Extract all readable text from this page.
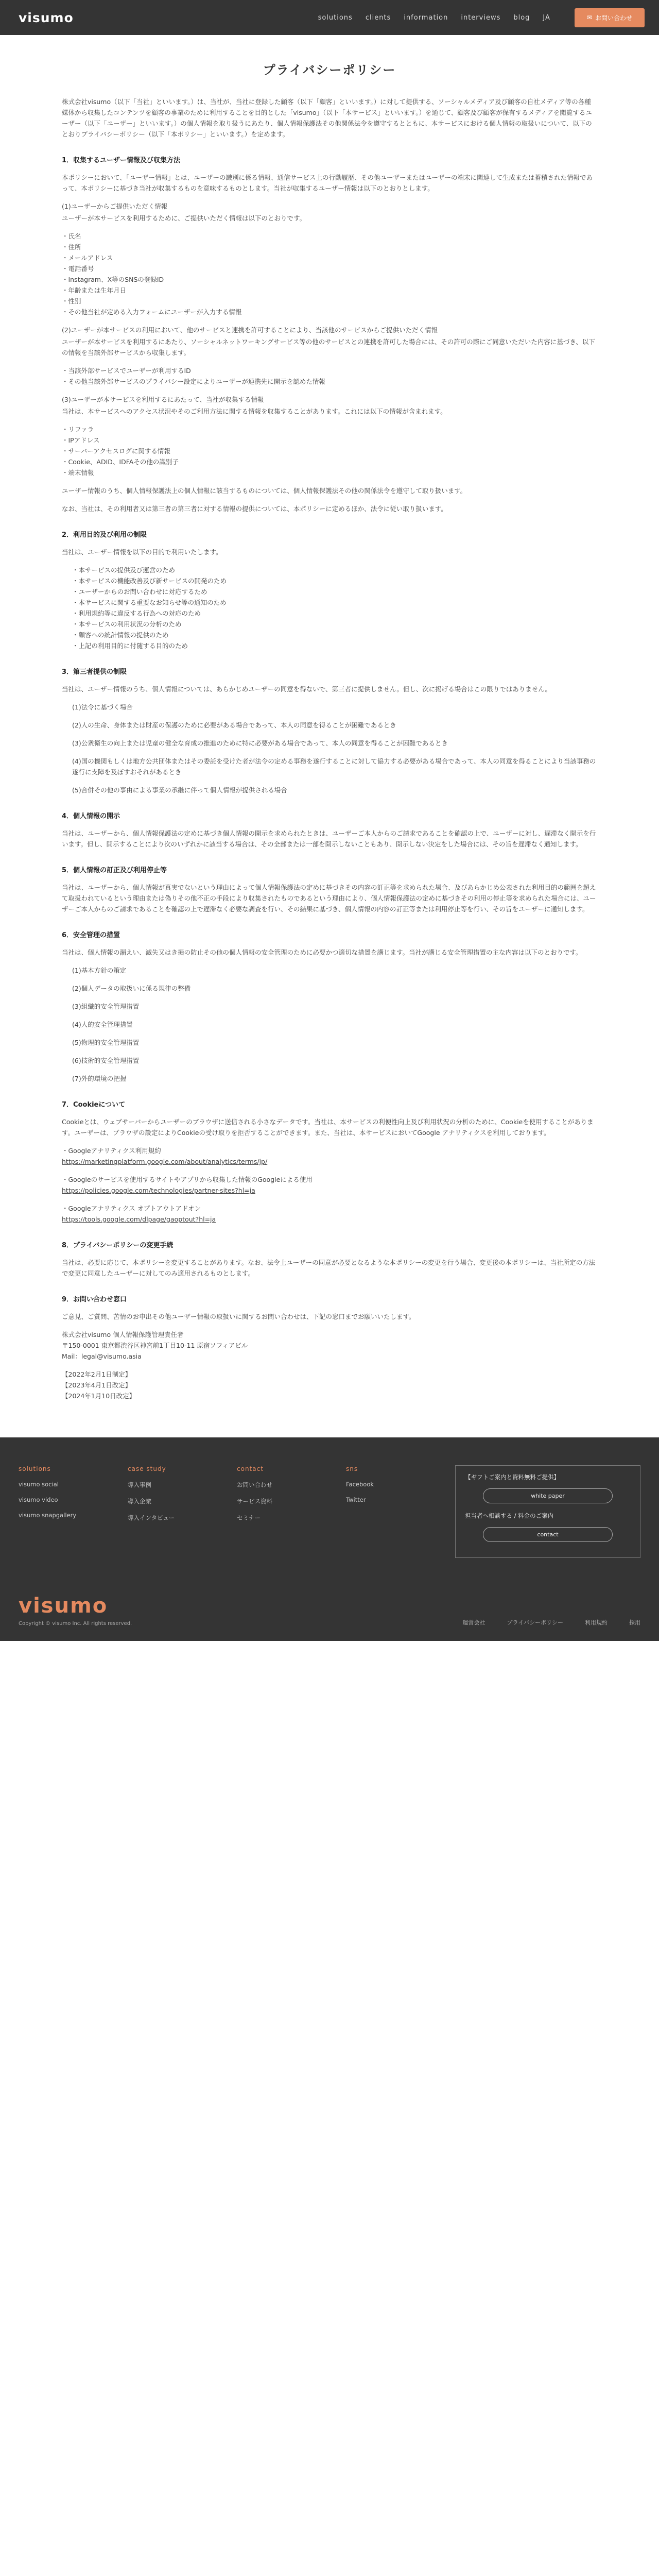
visumo	solutions clients information interviews blog JA	✉ お問い合わせ
プライバシーポリシー

株式会社visumo（以下「当社」といいます。）は、当社が、当社に登録した顧客（以下「顧客」といいます。）に対して提供する、ソーシャルメディア及び顧客の自社メディア等の各種媒体から収集したコンテンツを顧客の事業のために利用することを目的とした「visumo」（以下「本サービス」といいます。）を通じて、顧客及び顧客が保有するメディアを閲覧するユーザー（以下「ユーザー」といいます。）の個人情報を取り扱うにあたり、個人情報保護法その他関係法令を遵守するとともに、本サービスにおける個人情報の取扱いについて、以下のとおりプライバシーポリシー（以下「本ポリシー」といいます。）を定めます。

1．収集するユーザー情報及び収集方法

本ポリシーにおいて、「ユーザー情報」とは、ユーザーの識別に係る情報、通信サービス上の行動履歴、その他ユーザーまたはユーザーの端末に関連して生成または蓄積された情報であって、本ポリシーに基づき当社が収集するものを意味するものとします。当社が収集するユーザー情報は以下のとおりとします。

(1)ユーザーからご提供いただく情報

ユーザーが本サービスを利用するために、ご提供いただく情報は以下のとおりです。

・氏名
・住所
・メールアドレス
・電話番号
・Instagram、X等のSNSの登録ID
・年齢または生年月日
・性別
・その他当社が定める入力フォームにユーザーが入力する情報
(2)ユーザーが本サービスの利用において、他のサービスと連携を許可することにより、当該他のサービスからご提供いただく情報

ユーザーが本サービスを利用するにあたり、ソーシャルネットワーキングサービス等の他のサービスとの連携を許可した場合には、その許可の際にご同意いただいた内容に基づき、以下の情報を当該外部サービスから収集します。

・当該外部サービスでユーザーが利用するID
・その他当該外部サービスのプライバシー設定によりユーザーが連携先に開示を認めた情報
(3)ユーザーが本サービスを利用するにあたって、当社が収集する情報

当社は、本サービスへのアクセス状況やそのご利用方法に関する情報を収集することがあります。これには以下の情報が含まれます。

・リファラ
・IPアドレス
・サーバーアクセスログに関する情報
・Cookie、ADID、IDFAその他の識別子
・端末情報

ユーザー情報のうち、個人情報保護法上の個人情報に該当するものについては、個人情報保護法その他の関係法令を遵守して取り扱います。

なお、当社は、その利用者又は第三者の第三者に対する情報の提供については、本ポリシーに定めるほか、法令に従い取り扱います。

2．利用目的及び利用の制限

当社は、ユーザー情報を以下の目的で利用いたします。

・本サービスの提供及び運営のため
・本サービスの機能改善及び新サービスの開発のため
・ユーザーからのお問い合わせに対応するため
・本サービスに関する重要なお知らせ等の通知のため
・利用規約等に違反する行為への対応のため
・本サービスの利用状況の分析のため
・顧客への統計情報の提供のため
・上記の利用目的に付随する目的のため
3．第三者提供の制限

当社は、ユーザー情報のうち、個人情報については、あらかじめユーザーの同意を得ないで、第三者に提供しません。但し、次に掲げる場合はこの限りではありません。

(1)法令に基づく場合

(2)人の生命、身体または財産の保護のために必要がある場合であって、本人の同意を得ることが困難であるとき

(3)公衆衛生の向上または児童の健全な育成の推進のために特に必要がある場合であって、本人の同意を得ることが困難であるとき

(4)国の機関もしくは地方公共団体またはその委託を受けた者が法令の定める事務を遂行することに対して協力する必要がある場合であって、本人の同意を得ることにより当該事務の遂行に支障を及ぼすおそれがあるとき

(5)合併その他の事由による事業の承継に伴って個人情報が提供される場合

4．個人情報の開示

当社は、ユーザーから、個人情報保護法の定めに基づき個人情報の開示を求められたときは、ユーザーご本人からのご請求であることを確認の上で、ユーザーに対し、遅滞なく開示を行います。但し、開示することにより次のいずれかに該当する場合は、その全部または一部を開示しないこともあり、開示しない決定をした場合には、その旨を遅滞なく通知します。

5．個人情報の訂正及び利用停止等

当社は、ユーザーから、個人情報が真実でないという理由によって個人情報保護法の定めに基づきその内容の訂正等を求められた場合、及びあらかじめ公表された利用目的の範囲を超えて取扱われているという理由または偽りその他不正の手段により収集されたものであるという理由により、個人情報保護法の定めに基づきその利用の停止等を求められた場合には、ユーザーご本人からのご請求であることを確認の上で遅滞なく必要な調査を行い、その結果に基づき、個人情報の内容の訂正等または利用停止等を行い、その旨をユーザーに通知します。

6．安全管理の措置

当社は、個人情報の漏えい、滅失又はき損の防止その他の個人情報の安全管理のために必要かつ適切な措置を講じます。当社が講じる安全管理措置の主な内容は以下のとおりです。

(1)基本方針の策定

(2)個人データの取扱いに係る規律の整備

(3)組織的安全管理措置

(4)人的安全管理措置

(5)物理的安全管理措置

(6)技術的安全管理措置

(7)外的環境の把握

7．Cookieについて

Cookieとは、ウェブサーバーからユーザーのブラウザに送信される小さなデータです。当社は、本サービスの利便性向上及び利用状況の分析のために、Cookieを使用することがあります。ユーザーは、ブラウザの設定によりCookieの受け取りを拒否することができます。また、当社は、本サービスにおいてGoogle アナリティクスを利用しております。

・Googleアナリティクス利用規約

https://marketingplatform.google.com/about/analytics/terms/jp/

・Googleのサービスを使用するサイトやアプリから収集した情報のGoogleによる使用

https://policies.google.com/technologies/partner-sites?hl=ja

・Googleアナリティクス オプトアウトアドオン

https://tools.google.com/dlpage/gaoptout?hl=ja

8．プライバシーポリシーの変更手続

当社は、必要に応じて、本ポリシーを変更することがあります。なお、法令上ユーザーの同意が必要となるような本ポリシーの変更を行う場合、変更後の本ポリシーは、当社所定の方法で変更に同意したユーザーに対してのみ適用されるものとします。

9．お問い合わせ窓口

ご意見、ご質問、苦情のお申出その他ユーザー情報の取扱いに関するお問い合わせは、下記の窓口までお願いいたします。

株式会社visumo 個人情報保護管理責任者
〒150-0001 東京都渋谷区神宮前1丁目10-11 原宿ソフィアビル
Mail：legal@visumo.asia
【2022年2月1日制定】
【2023年4月1日改定】
【2024年1月10日改定】
solutions
visumo social
visumo video
visumo snapgallery
case study
導入事例
導入企業
導入インタビュー
contact
お問い合わせ
サービス資料
セミナー
sns
Facebook
Twitter
【ギフトご案内と資料無料ご提供】
white paper
担当者へ相談する / 料金のご案内
contact
visumo
Copyright © visumo Inc. All rights reserved.	運営会社	プライバシーポリシー	利用規約	採用
